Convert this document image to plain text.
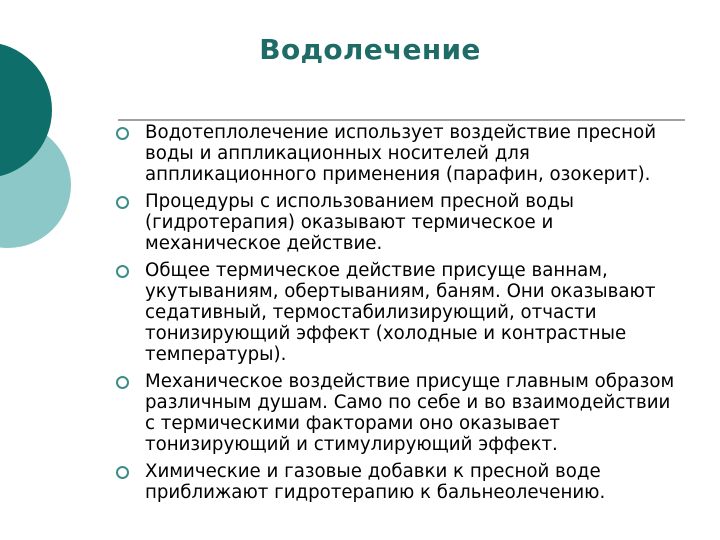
Водолечение
Водотеплолечение использует воздействие пресной воды и аппликационных носителей для аппликационного применения (парафин, озокерит).
Процедуры с использованием пресной воды (гидротерапия) оказывают термическое и механическое действие.
Общее термическое действие присуще ваннам, укутываниям, обертываниям, баням. Они оказывают седативный, термостабилизирующий, отчасти тонизирующий эффект (холодные и контрастные температуры).
Механическое воздействие присуще главным образом различным душам. Само по себе и во взаимодействии с термическими факторами оно оказывает тонизирующий и стимулирующий эффект.
Химические и газовые добавки к пресной воде приближают гидротерапию к бальнеолечению.
